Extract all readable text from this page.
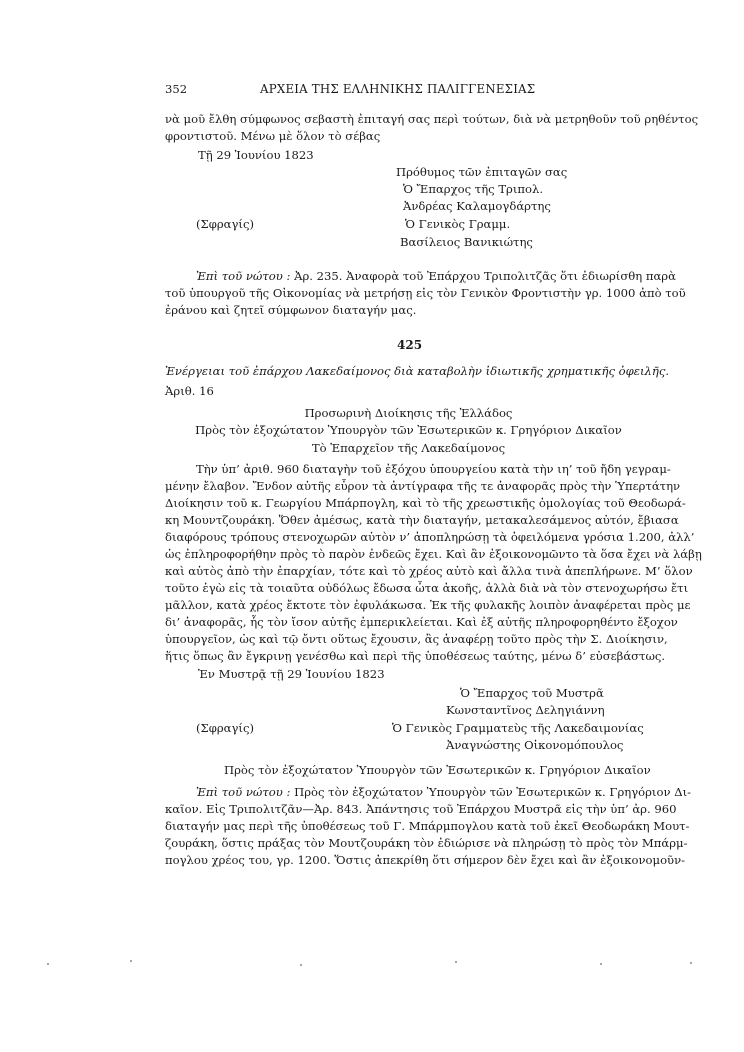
352	ΑΡΧΕΙΑ ΤΗΣ ΕΛΛΗΝΙΚΗΣ ΠΑΛΙΓΓΕΝΕΣΙΑΣ
νὰ μοῦ ἔλθη σύμφωνος σεβαστὴ ἐπιταγή σας περὶ τούτων, διὰ νὰ μετρηθοῦν τοῦ ρηθέντος
φροντιστοῦ. Μένω μὲ ὅλον τὸ σέβας
Τῇ 29 Ἰουνίου 1823
Πρόθυμος τῶν ἐπιταγῶν σας
Ὁ Ἔπαρχος τῆς Τριπολ.
Ἀνδρέας Καλαμογδάρτης
(Σφραγίς)	Ὁ Γενικὸς Γραμμ.
Βασίλειος Βανικιώτης
Ἐπὶ τοῦ νώτου : Ἀρ. 235. Ἀναφορὰ τοῦ Ἐπάρχου Τριπολιτζᾶς ὅτι ἐδιωρίσθη παρὰ
τοῦ ὑπουργοῦ τῆς Οἰκονομίας νὰ μετρήσῃ εἰς τὸν Γενικὸν Φροντιστὴν γρ. 1000 ἀπὸ τοῦ
ἐράνου καὶ ζητεῖ σύμφωνον διαταγήν μας.
425
Ἐνέργειαι τοῦ ἐπάρχου Λακεδαίμονος διὰ καταβολὴν ἰδιωτικῆς χρηματικῆς ὀφειλῆς.
Ἀριθ. 16
Προσωρινὴ Διοίκησις τῆς Ἑλλάδος
Πρὸς τὸν ἐξοχώτατον Ὑπουργὸν τῶν Ἐσωτερικῶν κ. Γρηγόριον Δικαῖον
Τὸ Ἐπαρχεῖον τῆς Λακεδαίμονος
Τὴν ὑπ’ ἀριθ. 960 διαταγὴν τοῦ ἐξόχου ὑπουργείου κατὰ τὴν ιη’ τοῦ ἤδη γεγραμ-
μένην ἔλαβον. Ἔνδον αὐτῆς εὗρον τὰ ἀντίγραφα τῆς τε ἀναφορᾶς πρὸς τὴν Ὑπερτάτην
Διοίκησιν τοῦ κ. Γεωργίου Μπάρπογλη, καὶ τὸ τῆς χρεωστικῆς ὁμολογίας τοῦ Θεοδωρά-
κη Μουντζουράκη. Ὅθεν ἀμέσως, κατὰ τὴν διαταγήν, μετακαλεσάμενος αὐτόν, ἔβιασα
διαφόρους τρόπους στενοχωρῶν αὐτὸν ν’ ἀποπληρώσῃ τὰ ὀφειλόμενα γρόσια 1.200, ἀλλ’
ὡς ἐπληροφορήθην πρὸς τὸ παρὸν ἐνδεῶς ἔχει. Καὶ ἂν ἐξοικονομῶντο τὰ ὅσα ἔχει νὰ λάβῃ
καὶ αὐτὸς ἀπὸ τὴν ἐπαρχίαν, τότε καὶ τὸ χρέος αὐτὸ καὶ ἄλλα τινὰ ἀπεπλήρωνε. Μ’ ὅλον
τοῦτο ἐγὼ εἰς τὰ τοιαῦτα οὐδόλως ἔδωσα ὦτα ἀκοῆς, ἀλλὰ διὰ νὰ τὸν στενοχωρήσω ἔτι
μᾶλλον, κατὰ χρέος ἔκτοτε τὸν ἐφυλάκωσα. Ἐκ τῆς φυλακῆς λοιπὸν ἀναφέρεται πρὸς με
δι’ ἀναφορᾶς, ἧς τὸν ἴσον αὐτῆς ἐμπερικλείεται. Καὶ ἐξ αὐτῆς πληροφορηθέντο ἔξοχον
ὑπουργεῖον, ὡς καὶ τῷ ὄντι οὕτως ἔχουσιν, ἂς ἀναφέρῃ τοῦτο πρὸς τὴν Σ. Διοίκησιν,
ἥτις ὅπως ἂν ἔγκρινῃ γενέσθω καὶ περὶ τῆς ὑποθέσεως ταύτης, μένω δ’ εὐσεβάστως.
Ἐν Μυστρᾷ τῇ 29 Ἰουνίου 1823
Ὁ Ἔπαρχος τοῦ Μυστρᾶ
Κωνσταντῖνος Δεληγιάννη
(Σφραγίς)	Ὁ Γενικὸς Γραμματεὺς τῆς Λακεδαιμονίας
Ἀναγνώστης Οἰκονομόπουλος
Πρὸς τὸν ἐξοχώτατον Ὑπουργὸν τῶν Ἐσωτερικῶν κ. Γρηγόριον Δικαῖον
Ἐπὶ τοῦ νώτου : Πρὸς τὸν ἐξοχώτατον Ὑπουργὸν τῶν Ἐσωτερικῶν κ. Γρηγόριον Δι-
καῖον. Εἰς Τριπολιτζᾶν—Ἀρ. 843. Ἀπάντησις τοῦ Ἐπάρχου Μυστρᾶ εἰς τὴν ὑπ’ ἀρ. 960
διαταγήν μας περὶ τῆς ὑποθέσεως τοῦ Γ. Μπάρμπογλου κατὰ τοῦ ἐκεῖ Θεοδωράκη Μουτ-
ζουράκη, ὅστις πράξας τὸν Μουτζουράκη τὸν ἐδιώρισε νὰ πληρώσῃ τὸ πρὸς τὸν Μπάρμ-
πογλου χρέος του, γρ. 1200. Ὅστις ἀπεκρίθη ὅτι σήμερον δὲν ἔχει καὶ ἂν ἐξοικονομοῦν-
